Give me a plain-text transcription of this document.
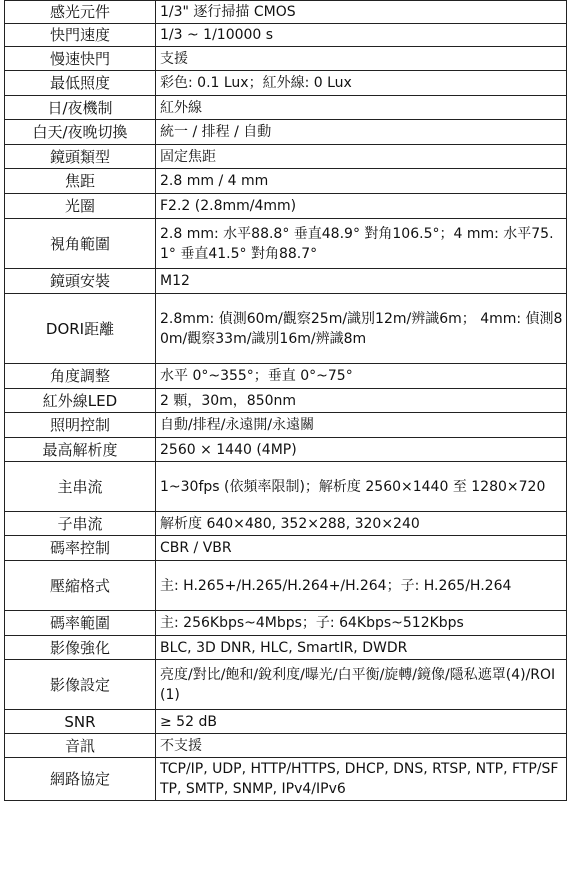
感光元件	1/3" 逐行掃描 CMOS
快門速度	1/3 ~ 1/10000 s
慢速快門	支援
最低照度	彩色: 0.1 Lux；紅外線: 0 Lux
日/夜機制	紅外線
白天/夜晚切換	統一 / 排程 / 自動
鏡頭類型	固定焦距
焦距	2.8 mm / 4 mm
光圈	F2.2 (2.8mm/4mm)
視角範圍	2.8 mm: 水平88.8° 垂直48.9° 對角106.5°；4 mm: 水平75.1° 垂直41.5° 對角88.7°
鏡頭安裝	M12
DORI距離	2.8mm: 偵測60m/觀察25m/識別12m/辨識6m； 4mm: 偵測80m/觀察33m/識別16m/辨識8m
角度調整	水平 0°~355°；垂直 0°~75°
紅外線LED	2 顆，30m，850nm
照明控制	自動/排程/永遠開/永遠關
最高解析度	2560 × 1440 (4MP)
主串流	1~30fps (依頻率限制)；解析度 2560×1440 至 1280×720
子串流	解析度 640×480, 352×288, 320×240
碼率控制	CBR / VBR
壓縮格式	主: H.265+/H.265/H.264+/H.264；子: H.265/H.264
碼率範圍	主: 256Kbps~4Mbps；子: 64Kbps~512Kbps
影像強化	BLC, 3D DNR, HLC, SmartIR, DWDR
影像設定	亮度/對比/飽和/銳利度/曝光/白平衡/旋轉/鏡像/隱私遮罩(4)/ROI(1)
SNR	≥ 52 dB
音訊	不支援
網路協定	TCP/IP, UDP, HTTP/HTTPS, DHCP, DNS, RTSP, NTP, FTP/SFTP, SMTP, SNMP, IPv4/IPv6
